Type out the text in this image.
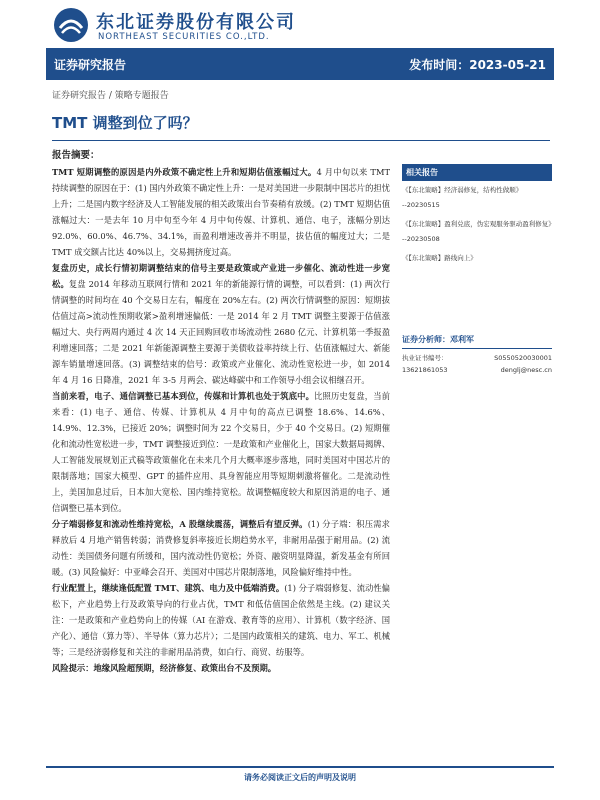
东北证券股份有限公司
NORTHEAST SECURITIES CO.,LTD.
证券研究报告	发布时间：2023-05-21
证券研究报告 / 策略专题报告
TMT 调整到位了吗？
报告摘要：

TMT 短期调整的原因是内外政策不确定性上升和短期估值涨幅过大。4 月中旬以来 TMT 持续调整的原因在于：(1) 国内外政策不确定性上升：一是对美国进一步限制中国芯片的担忧上升；二是国内数字经济及人工智能发展的相关政策出台节奏稍有放缓。(2) TMT 短期估值涨幅过大：一是去年 10 月中旬至今年 4 月中旬传媒、计算机、通信、电子，涨幅分别达 92.0%、60.0%、46.7%、34.1%，而盈利增速改善并不明显，拔估值的幅度过大；二是 TMT 成交额占比达 40%以上，交易拥挤度过高。

复盘历史，成长行情初期调整结束的信号主要是政策或产业进一步催化、流动性进一步宽松。复盘 2014 年移动互联网行情和 2021 年的新能源行情的调整，可以看到：(1) 两次行情调整的时间均在 40 个交易日左右，幅度在 20%左右。(2) 两次行情调整的原因：短期拔估值过高>流动性预期收紧>盈利增速偏低：一是 2014 年 2 月 TMT 调整主要源于估值涨幅过大、央行两周内通过 4 次 14 天正回购回收市场流动性 2680 亿元、计算机第一季报盈利增速回落；二是 2021 年新能源调整主要源于美债收益率持续上行、估值涨幅过大、新能源车销量增速回落。(3) 调整结束的信号：政策或产业催化、流动性宽松进一步，如 2014 年 4 月 16 日降准，2021 年 3-5 月两会、碳达峰碳中和工作领导小组会议相继召开。

当前来看，电子、通信调整已基本到位，传媒和计算机也处于筑底中。比照历史复盘，当前来看：(1) 电子、通信、传媒、计算机从 4 月中旬的高点已调整 18.6%、14.6%、14.9%、12.3%，已接近 20%；调整时间为 22 个交易日，少于 40 个交易日。(2) 短期催化和流动性宽松进一步，TMT 调整接近到位：一是政策和产业催化上，国家大数据局揭牌、人工智能发展规划正式稿等政策催化在未来几个月大概率逐步落地，同时美国对中国芯片的限制落地；国家大模型、GPT 的插件应用、具身智能应用等短期刺激将催化。二是流动性上，美国加息过后，日本加大宽松、国内维持宽松。故调整幅度较大和原因消退的电子、通信调整已基本到位。

分子端弱修复和流动性维持宽松，A 股继续震荡，调整后有望反弹。(1) 分子端：积压需求释放后 4 月地产销售转弱；消费修复斜率接近长期趋势水平，非耐用品强于耐用品。(2) 流动性：美国债务问题有所缓和，国内流动性仍宽松；外资、融资明显降温，新发基金有所回暖。(3) 风险偏好：中亚峰会召开、美国对中国芯片限制落地，风险偏好维持中性。

行业配置上，继续逢低配置 TMT、建筑、电力及中低端消费。(1) 分子端弱修复、流动性偏松下，产业趋势上行及政策导向的行业占优，TMT 和低估值国企依然是主线。(2) 建议关注：一是政策和产业趋势向上的传媒（AI 在游戏、教育等的应用）、计算机（数字经济、国产化）、通信（算力等）、半导体（算力芯片）；二是国内政策相关的建筑、电力、军工、机械等；三是经济弱修复和关注的非耐用品消费，如白行、商贸、纺服等。

风险提示：地缘风险超预期，经济修复、政策出台不及预期。

相关报告
《【东北策略】经济弱修复，结构性做顺》
--20230515
《【东北策略】盈利兑底，伪宏观服务驱动盈利修复》
--20230508
《【东北策略】路线向上》
证券分析师：邓利军
执业证书编号：	S0550520030001
13621861053	denglj@nesc.cn
请务必阅读正文后的声明及说明
